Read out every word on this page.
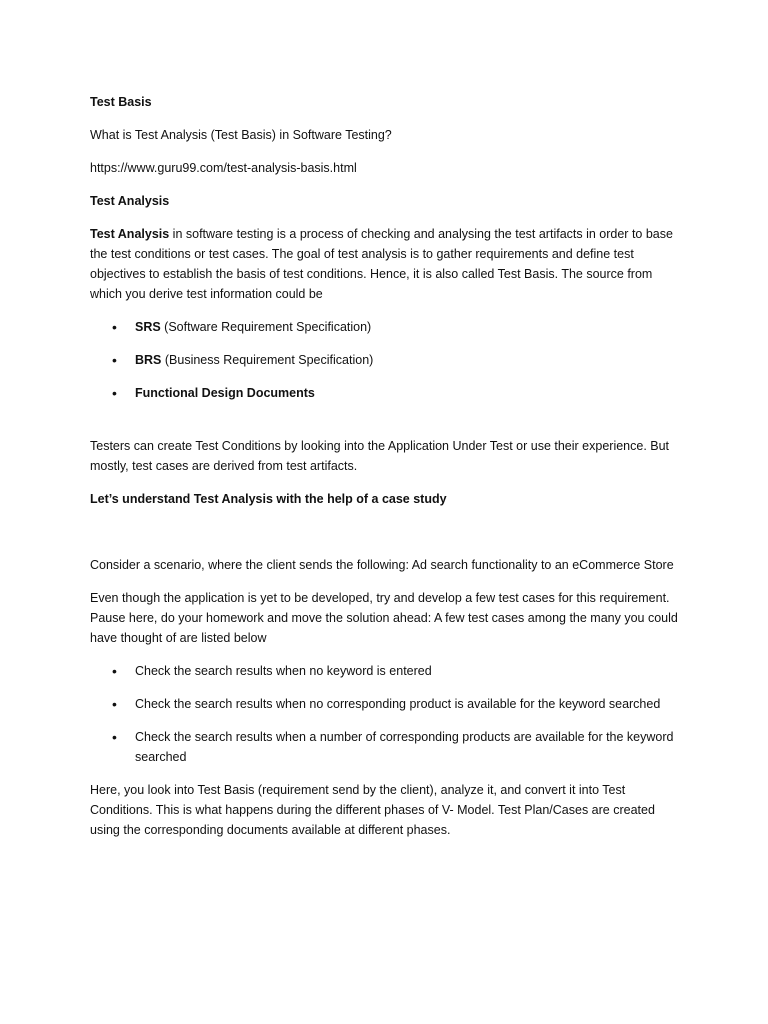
Test Basis

What is Test Analysis (Test Basis) in Software Testing?

https://www.guru99.com/test-analysis-basis.html

Test Analysis

Test Analysis in software testing is a process of checking and analysing the test artifacts in order to base the test conditions or test cases. The goal of test analysis is to gather requirements and define test objectives to establish the basis of test conditions. Hence, it is also called Test Basis. The source from which you derive test information could be

• SRS (Software Requirement Specification)
• BRS (Business Requirement Specification)
• Functional Design Documents

Testers can create Test Conditions by looking into the Application Under Test or use their experience. But mostly, test cases are derived from test artifacts.

Let’s understand Test Analysis with the help of a case study

Consider a scenario, where the client sends the following: Ad search functionality to an eCommerce Store

Even though the application is yet to be developed, try and develop a few test cases for this requirement. Pause here, do your homework and move the solution ahead: A few test cases among the many you could have thought of are listed below

• Check the search results when no keyword is entered
• Check the search results when no corresponding product is available for the keyword searched
• Check the search results when a number of corresponding products are available for the keyword searched

Here, you look into Test Basis (requirement send by the client), analyze it, and convert it into Test Conditions. This is what happens during the different phases of V- Model. Test Plan/Cases are created using the corresponding documents available at different phases.
